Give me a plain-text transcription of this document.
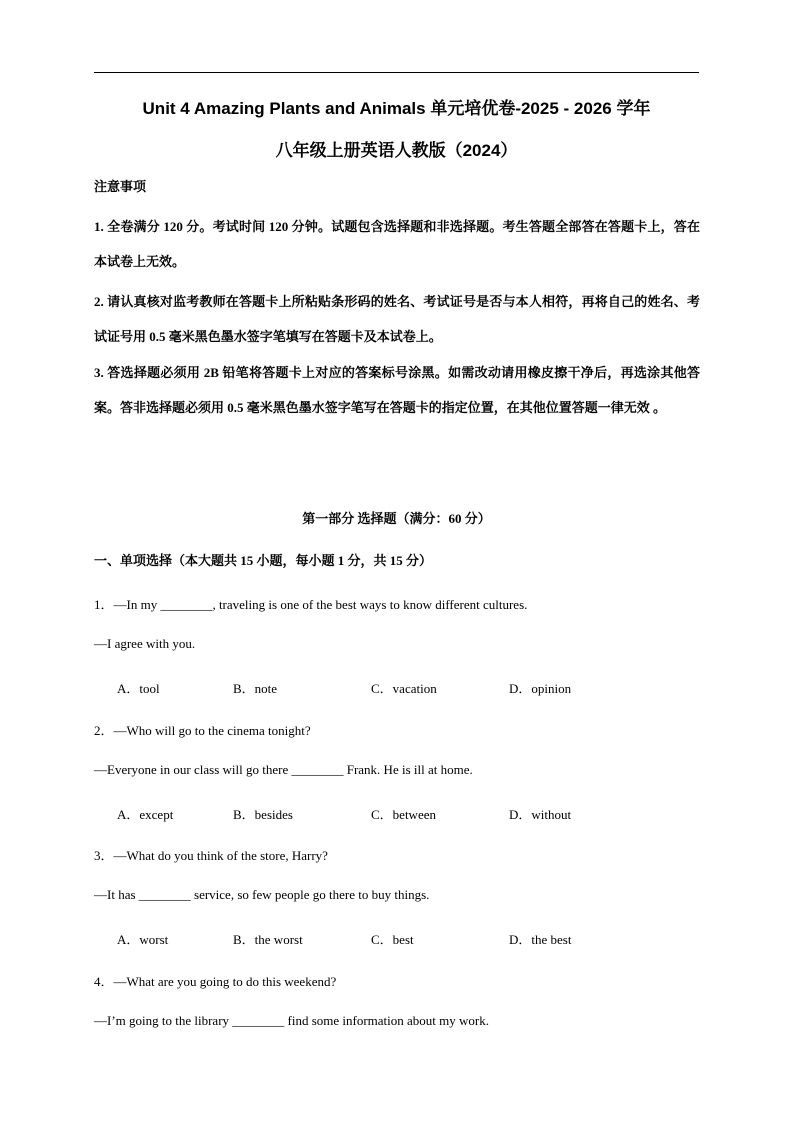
Unit 4 Amazing Plants and Animals 单元培优卷-2025 - 2026 学年
八年级上册英语人教版（2024）
注意事项
1. 全卷满分 120 分。考试时间 120 分钟。试题包含选择题和非选择题。考生答题全部答在答题卡上，答在本试卷上无效。
2. 请认真核对监考教师在答题卡上所粘贴条形码的姓名、考试证号是否与本人相符，再将自己的姓名、考试证号用 0.5 毫米黑色墨水签字笔填写在答题卡及本试卷上。
3. 答选择题必须用 2B 铅笔将答题卡上对应的答案标号涂黑。如需改动请用橡皮擦干净后，再选涂其他答案。答非选择题必须用 0.5 毫米黑色墨水签字笔写在答题卡的指定位置，在其他位置答题一律无效 。
第一部分 选择题（满分：60 分）
一、单项选择（本大题共 15 小题，每小题 1 分，共 15 分）
1．—In my ________, traveling is one of the best ways to know different cultures.
—I agree with you.
A．tool	B．note	C．vacation	D．opinion
2．—Who will go to the cinema tonight?
—Everyone in our class will go there ________ Frank. He is ill at home.
A．except	B．besides	C．between	D．without
3．—What do you think of the store, Harry?
—It has ________ service, so few people go there to buy things.
A．worst	B．the worst	C．best	D．the best
4．—What are you going to do this weekend?
—I’m going to the library ________ find some information about my work.
